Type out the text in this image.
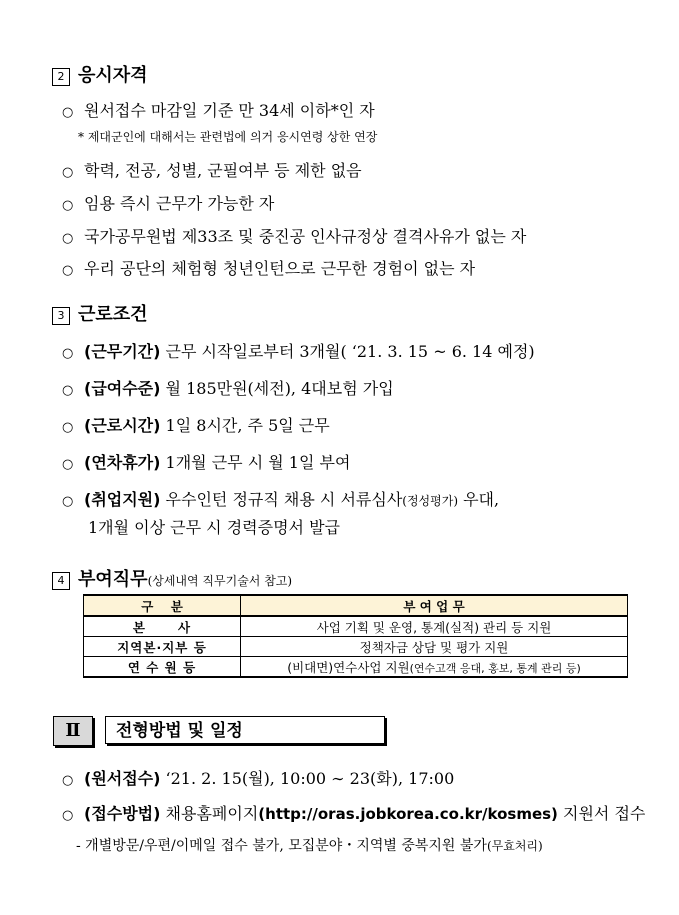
2 응시자격
○ 원서접수 마감일 기준 만 34세 이하*인 자
* 제대군인에 대해서는 관련법에 의거 응시연령 상한 연장
○ 학력, 전공, 성별, 군필여부 등 제한 없음
○ 임용 즉시 근무가 가능한 자
○ 국가공무원법 제33조 및 중진공 인사규정상 결격사유가 없는 자
○ 우리 공단의 체험형 청년인턴으로 근무한 경험이 없는 자
3 근로조건
○ (근무기간) 근무 시작일로부터 3개월( ‘21. 3. 15 ~ 6. 14 예정)
○ (급여수준) 월 185만원(세전), 4대보험 가입
○ (근로시간) 1일 8시간, 주 5일 근무
○ (연차휴가) 1개월 근무 시 월 1일 부여
○ (취업지원) 우수인턴 정규직 채용 시 서류심사(정성평가) 우대,
1개월 이상 근무 시 경력증명서 발급
4 부여직무(상세내역 직무기술서 참고)
구    분	부 여 업 무
본      사	사업 기획 및 운영, 통계(실적) 관리 등 지원
지역본·지부 등	정책자금 상담 및 평가 지원
연 수 원 등	(비대면)연수사업 지원(연수고객 응대, 홍보, 통계 관리 등)
Ⅱ	전형방법 및 일정
○ (원서접수) ‘21. 2. 15(월), 10:00 ∼ 23(화), 17:00
○ (접수방법) 채용홈페이지(http://oras.jobkorea.co.kr/kosmes) 지원서 접수
- 개별방문/우편/이메일 접수 불가, 모집분야・지역별 중복지원 불가(무효처리)
